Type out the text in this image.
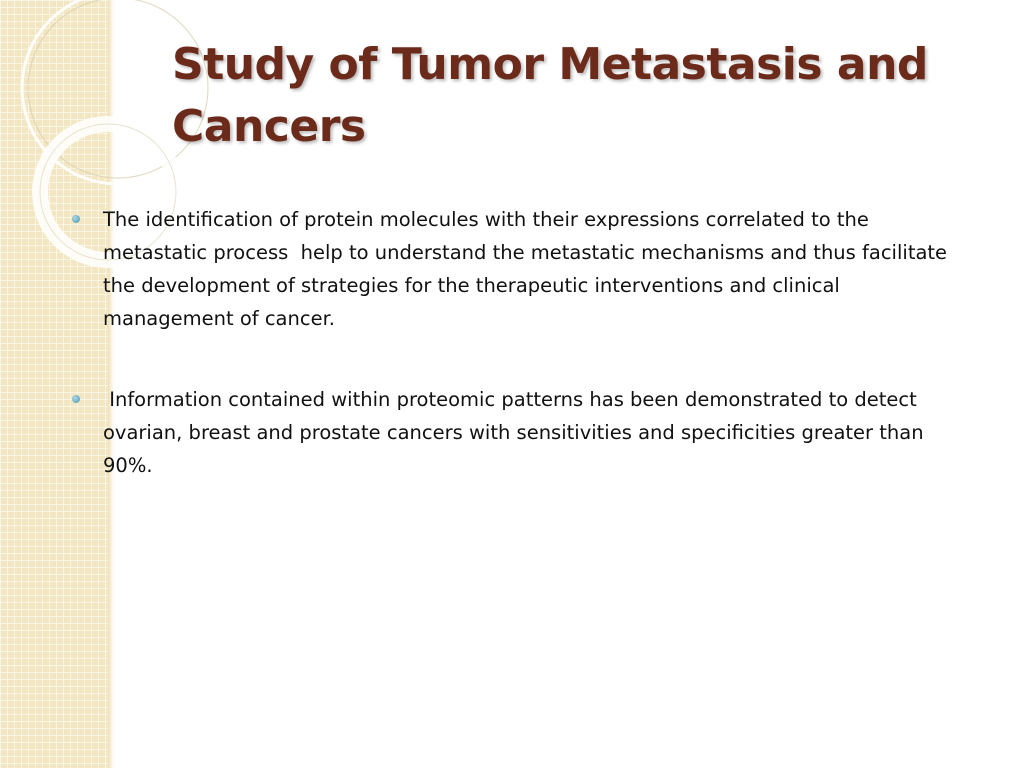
Study of Tumor Metastasis and Cancers
The identification of protein molecules with their expressions correlated to the metastatic process  help to understand the metastatic mechanisms and thus facilitate the development of strategies for the therapeutic interventions and clinical management of cancer.
Information contained within proteomic patterns has been demonstrated to detect ovarian, breast and prostate cancers with sensitivities and specificities greater than 90%.
